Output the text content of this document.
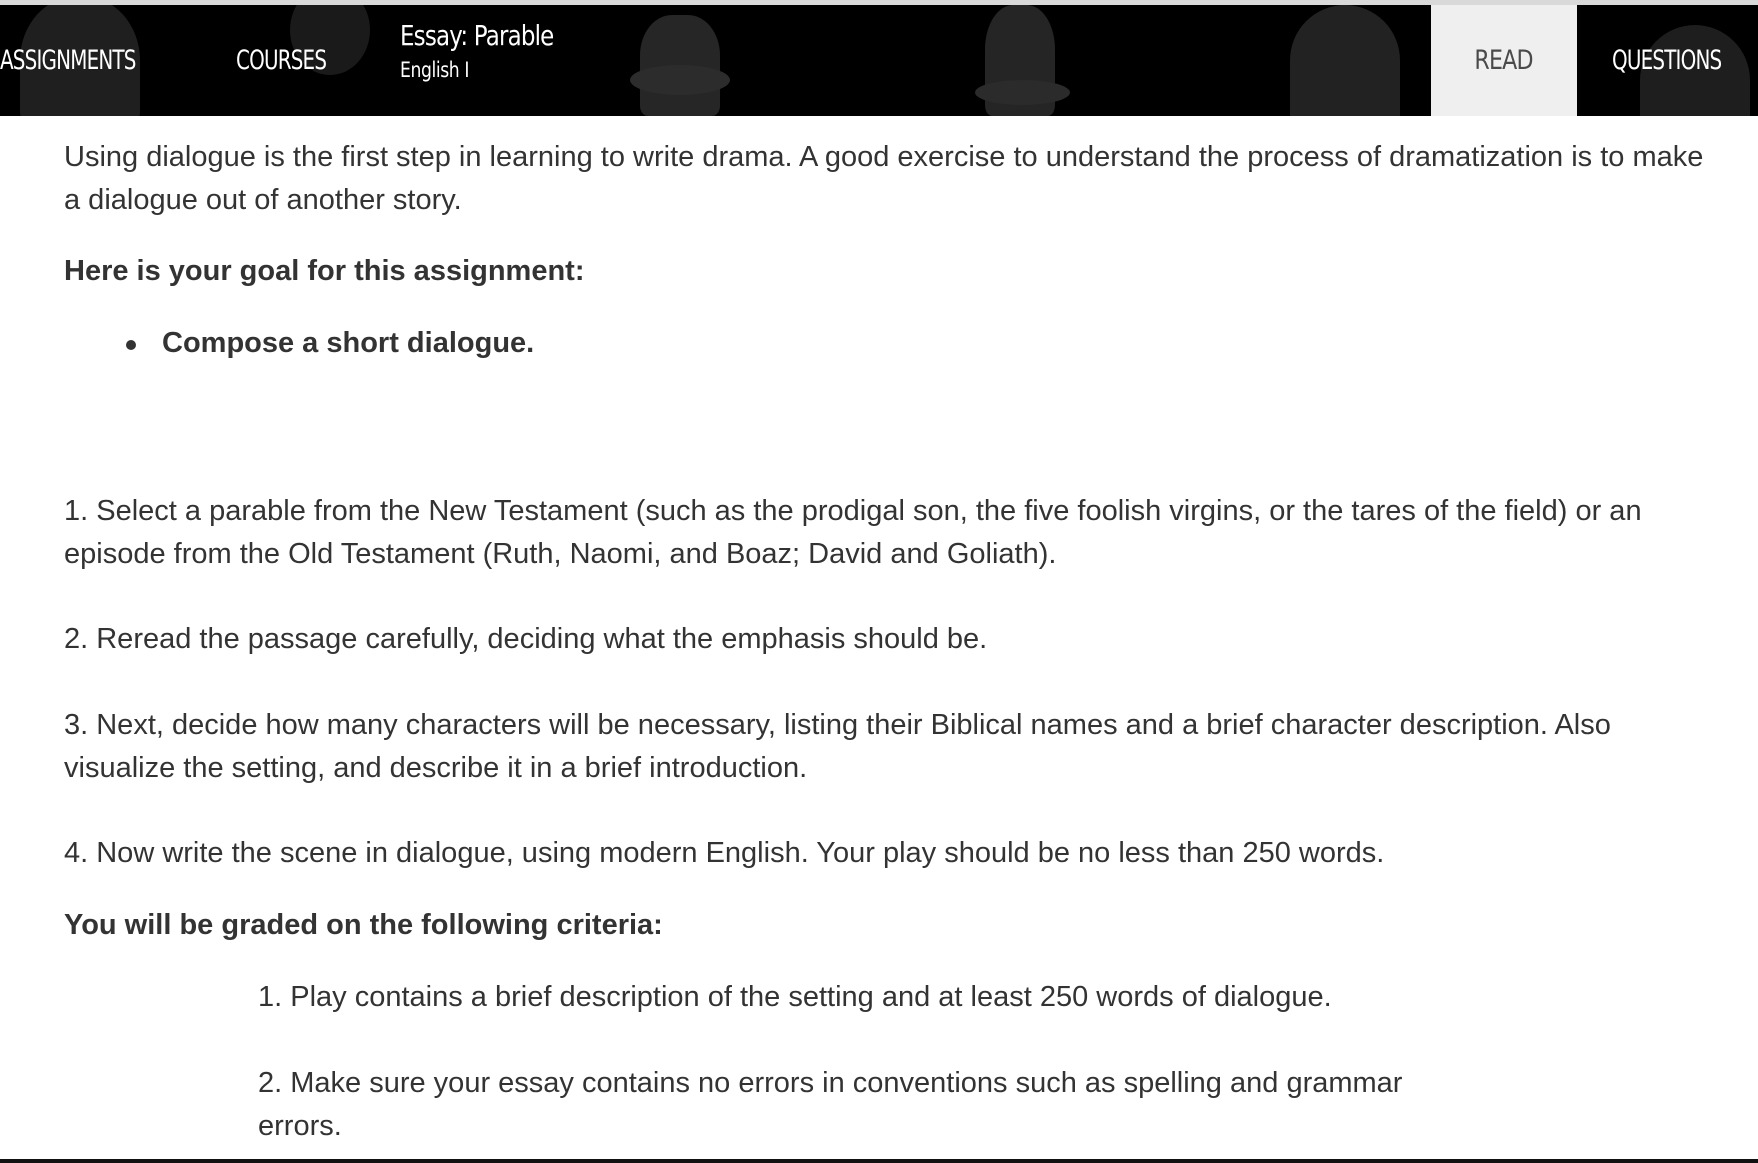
ASSIGNMENTS	COURSES
Essay: Parable
English I	READ	QUESTIONS

Using dialogue is the first step in learning to write drama. A good exercise to understand the process of dramatization is to make a dialogue out of another story.

Here is your goal for this assignment:

Compose a short dialogue.

1. Select a parable from the New Testament (such as the prodigal son, the five foolish virgins, or the tares of the field) or an episode from the Old Testament (Ruth, Naomi, and Boaz; David and Goliath).

2. Reread the passage carefully, deciding what the emphasis should be.

3. Next, decide how many characters will be necessary, listing their Biblical names and a brief character description. Also visualize the setting, and describe it in a brief introduction.

4. Now write the scene in dialogue, using modern English. Your play should be no less than 250 words.

You will be graded on the following criteria:

1. Play contains a brief description of the setting and at least 250 words of dialogue.

2. Make sure your essay contains no errors in conventions such as spelling and grammar errors.
